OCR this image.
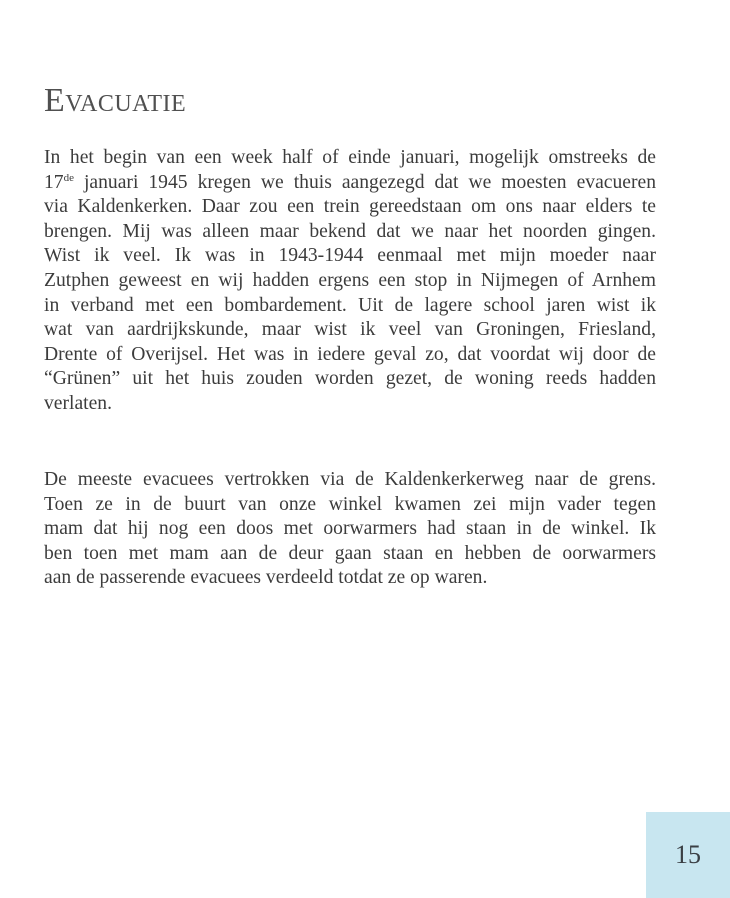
Evacuatie
In het begin van een week half of einde januari, mogelijk omstreeks de
17de januari 1945 kregen we thuis aangezegd dat we moesten evacueren
via Kaldenkerken. Daar zou een trein gereedstaan om ons naar elders te
brengen. Mij was alleen maar bekend dat we naar het noorden gingen.
Wist ik veel. Ik was in 1943-1944 eenmaal met mijn moeder naar
Zutphen geweest en wij hadden ergens een stop in Nijmegen of Arnhem
in verband met een bombardement. Uit de lagere school jaren wist ik
wat van aardrijkskunde, maar wist ik veel van Groningen, Friesland,
Drente of Overijsel. Het was in iedere geval zo, dat voordat wij door de
“Grünen” uit het huis zouden worden gezet, de woning reeds hadden
verlaten.
De meeste evacuees vertrokken via de Kaldenkerkerweg naar de grens.
Toen ze in de buurt van onze winkel kwamen zei mijn vader tegen
mam dat hij nog een doos met oorwarmers had staan in de winkel. Ik
ben toen met mam aan de deur gaan staan en hebben de oorwarmers
aan de passerende evacuees verdeeld totdat ze op waren.
15
